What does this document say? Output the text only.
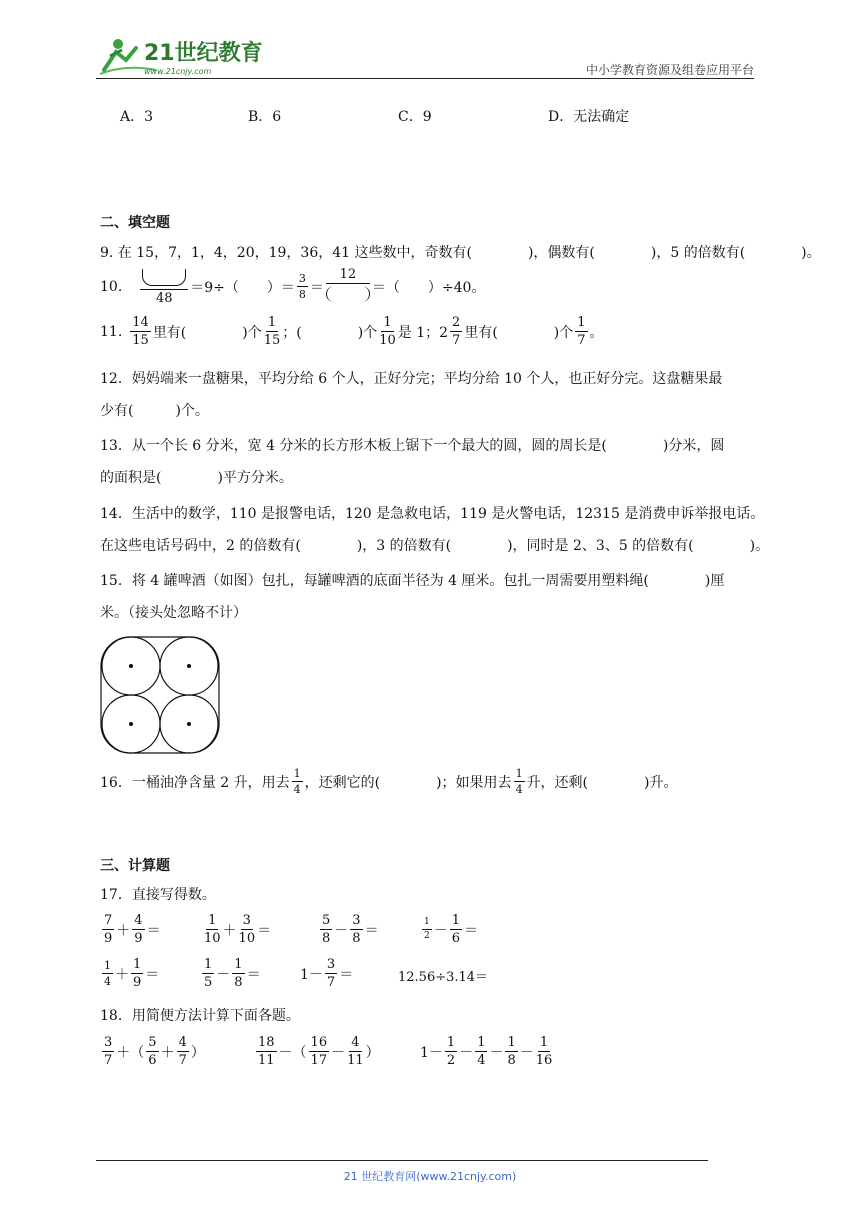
21世纪教育
www.21cnjy.com	中小学教育资源及组卷应用平台
A．3	B．6	C．9	D．无法确定
二、填空题
9. 在 15，7，1，4，20，19，36，41 这些数中，奇数有(　　　　)，偶数有(　　　　)，5 的倍数有(　　　　)。
10.
48
＝9÷（　　）＝ $\frac{3}{8}$ ＝
12
＝（　　）÷40。
11. $\frac{14}{15}$ 里有(　　　　)个 $\frac{1}{15}$ ；(　　　　)个 $\frac{1}{10}$ 是 1；$2 \frac{2}{7}$ 里有(　　　　)个 $\frac{1}{7}$ 。
12．妈妈端来一盘糖果，平均分给 6 个人，正好分完；平均分给 10 个人，也正好分完。这盘糖果最
少有(　　　)个。
13．从一个长 6 分米，宽 4 分米的长方形木板上锯下一个最大的圆，圆的周长是(　　　　)分米，圆
的面积是(　　　　)平方分米。
14．生活中的数学，110 是报警电话，120 是急救电话，119 是火警电话，12315 是消费申诉举报电话。
在这些电话号码中，2 的倍数有(　　　　)，3 的倍数有(　　　　)，同时是 2、3、5 的倍数有(　　　　)。
15．将 4 罐啤酒（如图）包扎，每罐啤酒的底面半径为 4 厘米。包扎一周需要用塑料绳(　　　　)厘
米。（接头处忽略不计）
16．一桶油净含量 2 升，用去 $\frac{1}{4}$ ，还剩它的(　　　　)；如果用去 $\frac{1}{4}$ 升，还剩(　　　　)升。
三、计算题
17．直接写得数。
$\frac{7}{9} + \frac{4}{9}$ ＝	$\frac{1}{10} + \frac{3}{10}$ ＝	$\frac{5}{8} - \frac{3}{8}$ ＝	$\frac{1}{2} - \frac{1}{6}$ ＝
$\frac{1}{4} + \frac{1}{9}$ ＝	$\frac{1}{5} - \frac{1}{8}$ ＝	$1- \frac{3}{7}$ ＝	12.56÷3.14＝
18．用简便方法计算下面各题。
$\frac{3}{7}$ ＋（ $\frac{5}{6} + \frac{4}{7}$ ）	$\frac{18}{11}$ －（ $\frac{16}{17} - \frac{4}{11}$ ）	$1- \frac{1}{2} - \frac{1}{4} - \frac{1}{8} - \frac{1}{16}$
21 世纪教育网(www.21cnjy.com)
